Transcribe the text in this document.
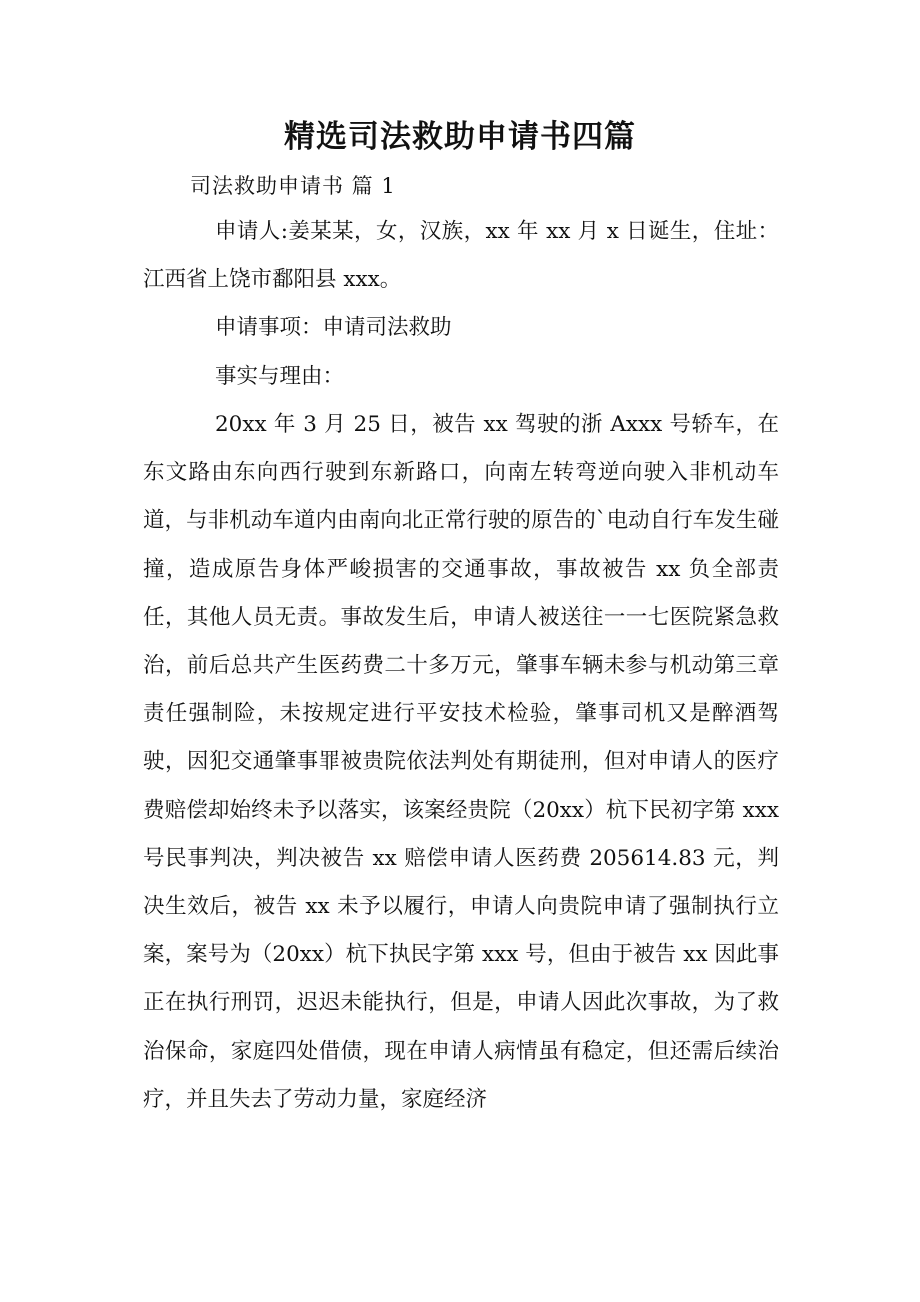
精选司法救助申请书四篇
司法救助申请书 篇 1

申请人:姜某某，女，汉族，xx 年 xx 月 x 日诞生，住址：江西省上饶市鄱阳县 xxx。

申请事项：申请司法救助

事实与理由：

20xx 年 3 月 25 日，被告 xx 驾驶的浙 Axxx 号轿车，在东文路由东向西行驶到东新路口，向南左转弯逆向驶入非机动车道，与非机动车道内由南向北正常行驶的原告的`电动自行车发生碰撞，造成原告身体严峻损害的交通事故，事故被告 xx 负全部责任，其他人员无责。事故发生后，申请人被送往一一七医院紧急救治，前后总共产生医药费二十多万元，肇事车辆未参与机动第三章责任强制险，未按规定进行平安技术检验，肇事司机又是醉酒驾驶，因犯交通肇事罪被贵院依法判处有期徒刑，但对申请人的医疗费赔偿却始终未予以落实，该案经贵院（20xx）杭下民初字第 xxx 号民事判决，判决被告 xx 赔偿申请人医药费 205614.83 元，判决生效后，被告 xx 未予以履行，申请人向贵院申请了强制执行立案，案号为（20xx）杭下执民字第 xxx 号，但由于被告 xx 因此事正在执行刑罚，迟迟未能执行，但是，申请人因此次事故，为了救治保命，家庭四处借债，现在申请人病情虽有稳定，但还需后续治疗，并且失去了劳动力量，家庭经济
